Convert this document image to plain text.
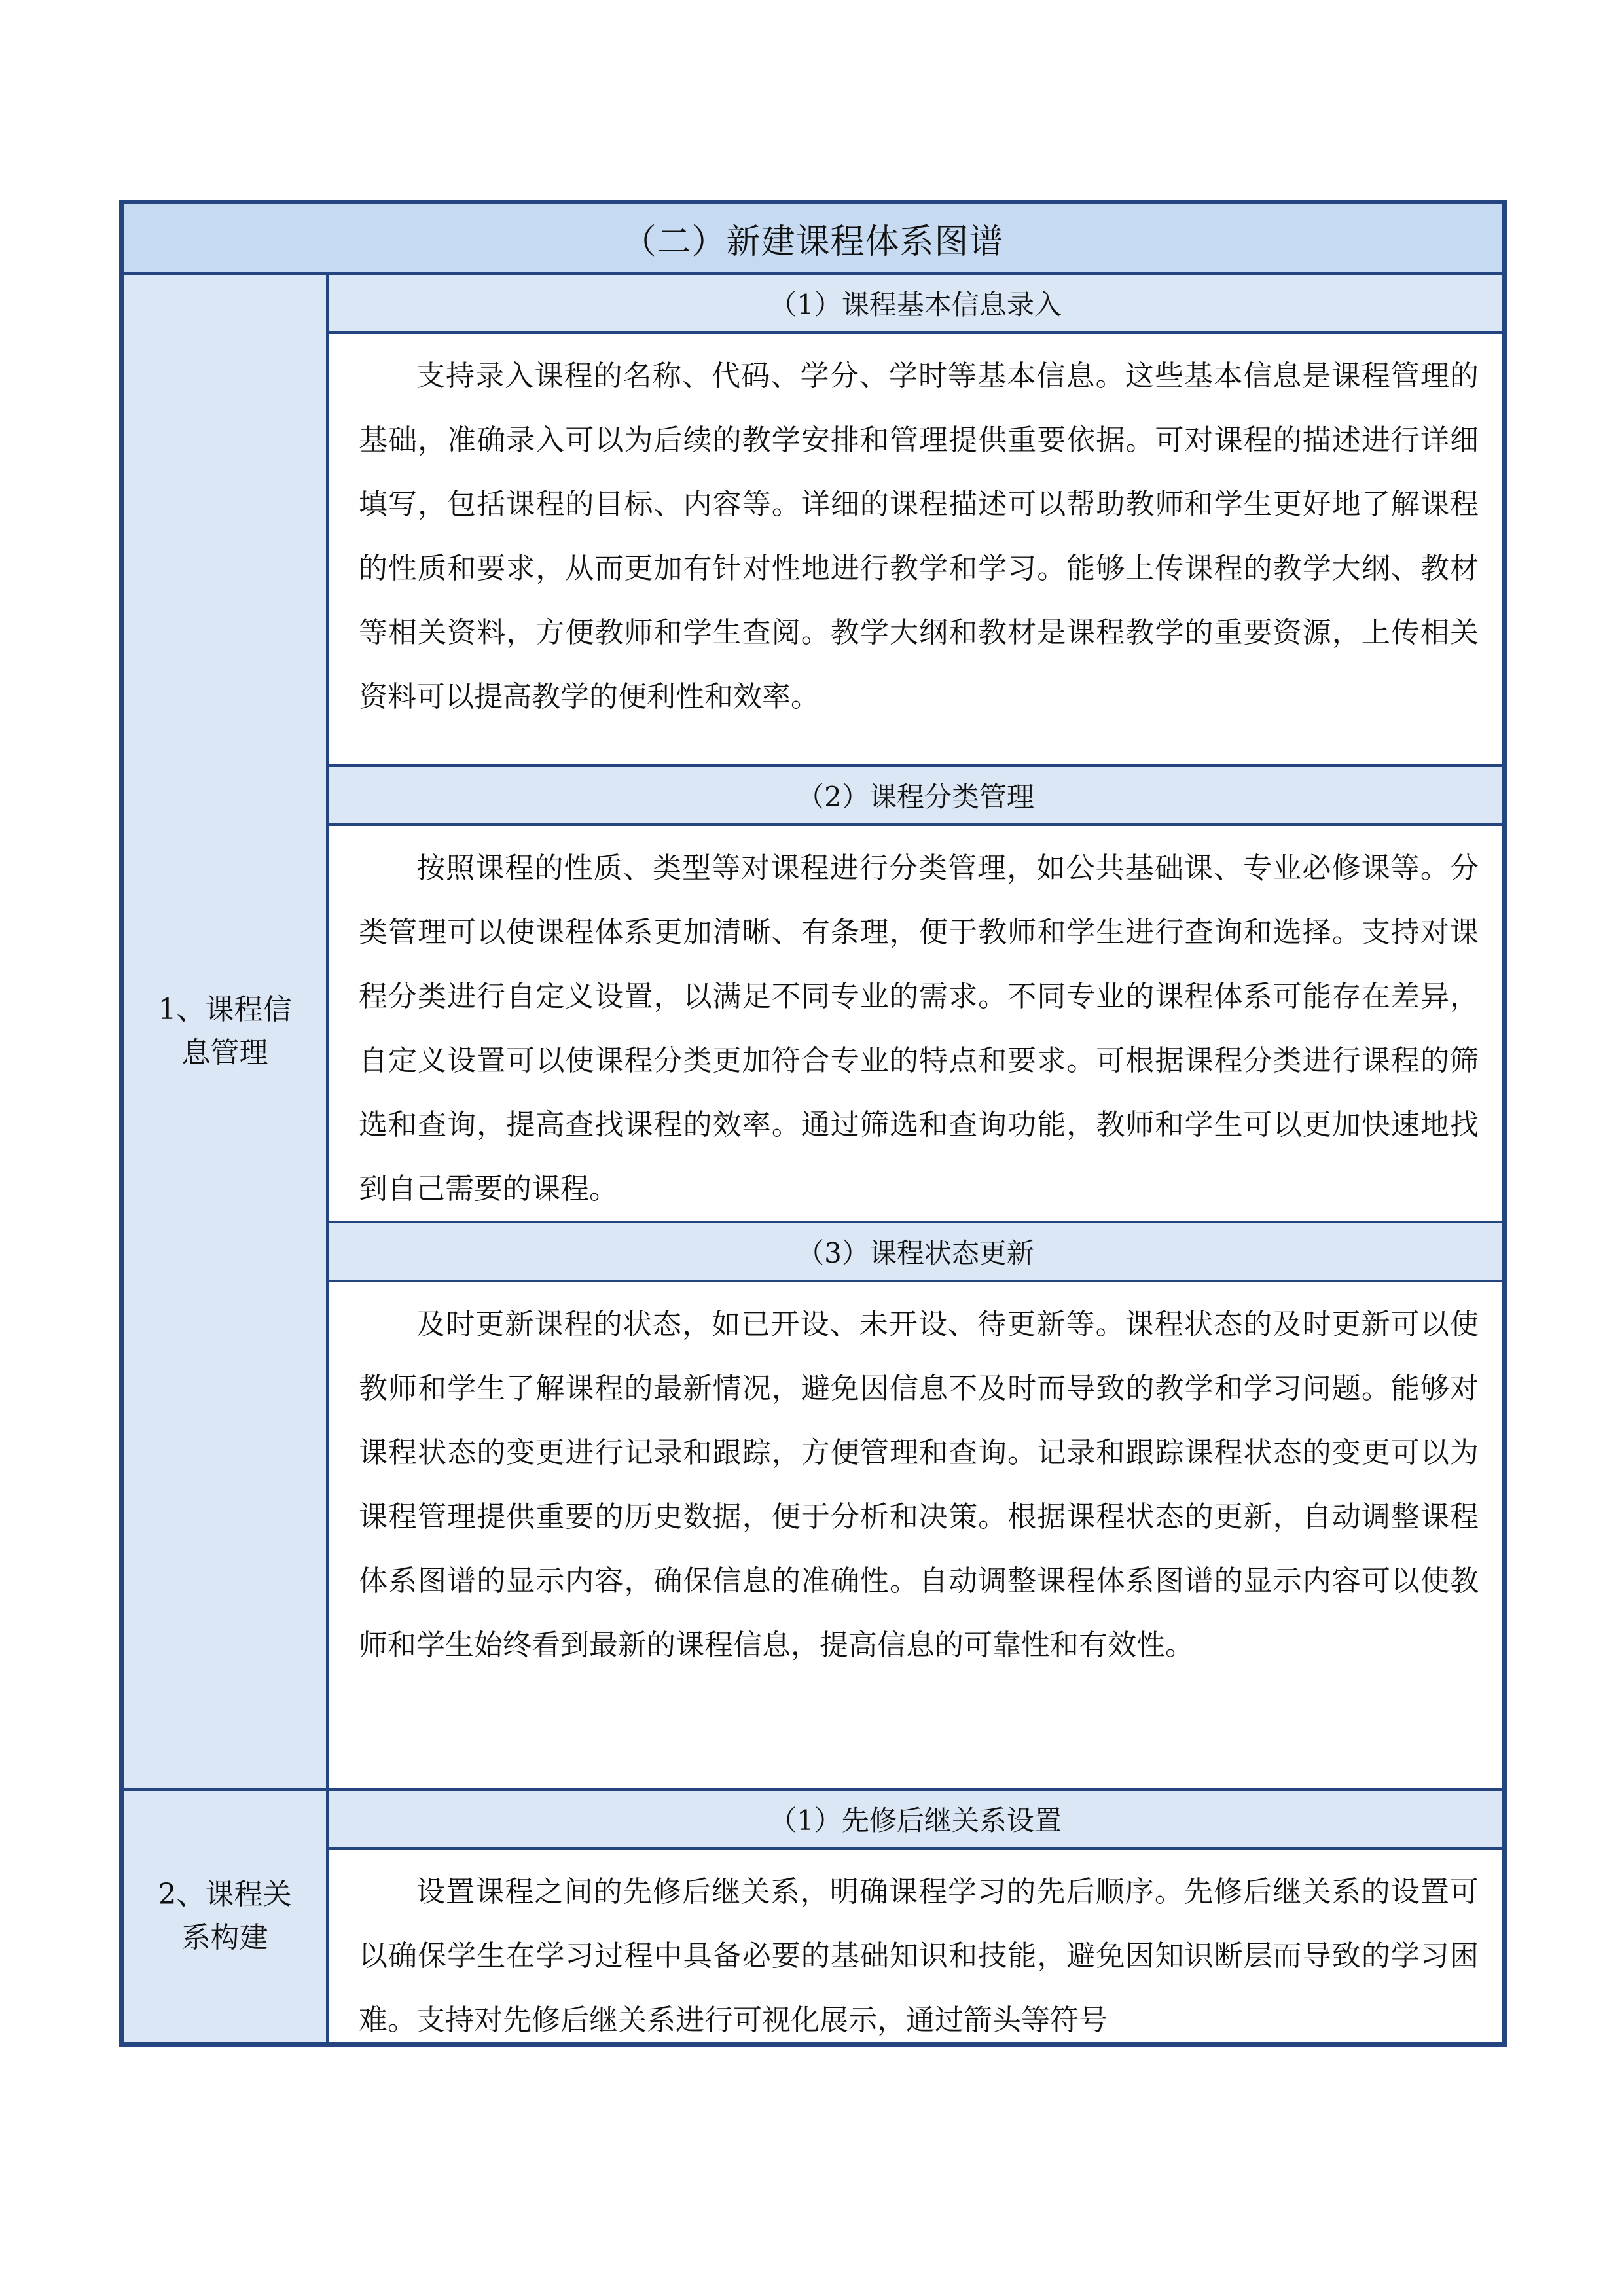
（二）新建课程体系图谱
1、课程信
息管理
（1）课程基本信息录入
支持录入课程的名称、代码、学分、学时等基本信息。这些基本信息是课程管理的基础，准确录入可以为后续的教学安排和管理提供重要依据。可对课程的描述进行详细填写，包括课程的目标、内容等。详细的课程描述可以帮助教师和学生更好地了解课程的性质和要求，从而更加有针对性地进行教学和学习。能够上传课程的教学大纲、教材等相关资料，方便教师和学生查阅。教学大纲和教材是课程教学的重要资源，上传相关资料可以提高教学的便利性和效率。
（2）课程分类管理
按照课程的性质、类型等对课程进行分类管理，如公共基础课、专业必修课等。分类管理可以使课程体系更加清晰、有条理，便于教师和学生进行查询和选择。支持对课程分类进行自定义设置，以满足不同专业的需求。不同专业的课程体系可能存在差异，自定义设置可以使课程分类更加符合专业的特点和要求。可根据课程分类进行课程的筛选和查询，提高查找课程的效率。通过筛选和查询功能，教师和学生可以更加快速地找到自己需要的课程。
（3）课程状态更新
及时更新课程的状态，如已开设、未开设、待更新等。课程状态的及时更新可以使教师和学生了解课程的最新情况，避免因信息不及时而导致的教学和学习问题。能够对课程状态的变更进行记录和跟踪，方便管理和查询。记录和跟踪课程状态的变更可以为课程管理提供重要的历史数据，便于分析和决策。根据课程状态的更新，自动调整课程体系图谱的显示内容，确保信息的准确性。自动调整课程体系图谱的显示内容可以使教师和学生始终看到最新的课程信息，提高信息的可靠性和有效性。
2、课程关
系构建
（1）先修后继关系设置
设置课程之间的先修后继关系，明确课程学习的先后顺序。先修后继关系的设置可以确保学生在学习过程中具备必要的基础知识和技能，避免因知识断层而导致的学习困难。支持对先修后继关系进行可视化展示，通过箭头等符号
